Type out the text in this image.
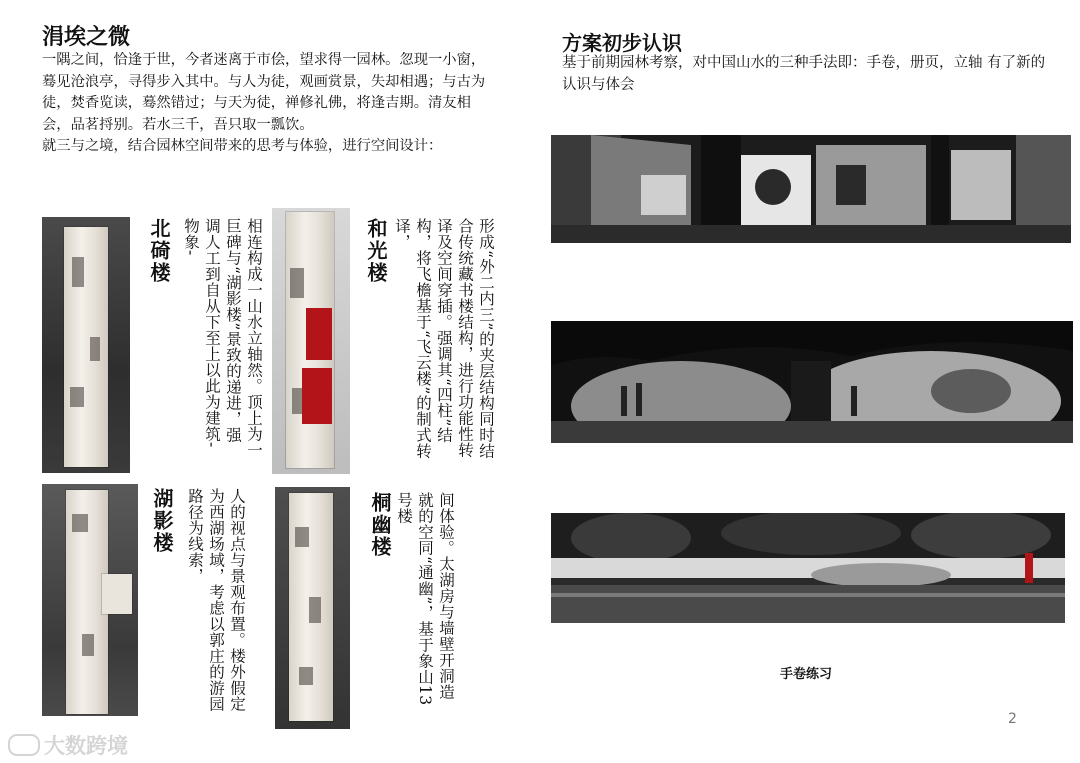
涓埃之微

一隅之间，恰逢于世，今者迷离于市侩，望求得一园林。忽现一小窗，蓦见沧浪亭，寻得步入其中。与人为徒，观画赏景，失却相遇；与古为徒，焚香览读，蓦然错过；与天为徒，禅修礼佛，将逢吉期。清友相会，品茗捋别。若水三千，吾只取一瓢饮。

就三与之境，结合园林空间带来的思考与体验，进行空间设计：

北碕楼	相连构成一山水立轴然。顶上为一巨碑与“湖影楼”景致的递进，强调人工到自从下至上以此为建筑-物象-	和光楼	形成“外二内三”的夹层结构同时结合传统藏书楼结构，进行功能性转译及空间穿插。强调其“四柱”结构，将飞檐基于“飞云楼”的制式转译，
湖影楼	人的视点与景观布置。楼外假定为西湖场域，考虑以郭庄的游园路径为线索，	桐幽楼	间体验。太湖房与墙壁开洞造就的空同“通幽”，基于象山13号楼
方案初步认识
基于前期园林考察，对中国山水的三种手法即：手卷，册页，立轴 有了新的认识与体会
手卷练习
2
大数跨境
